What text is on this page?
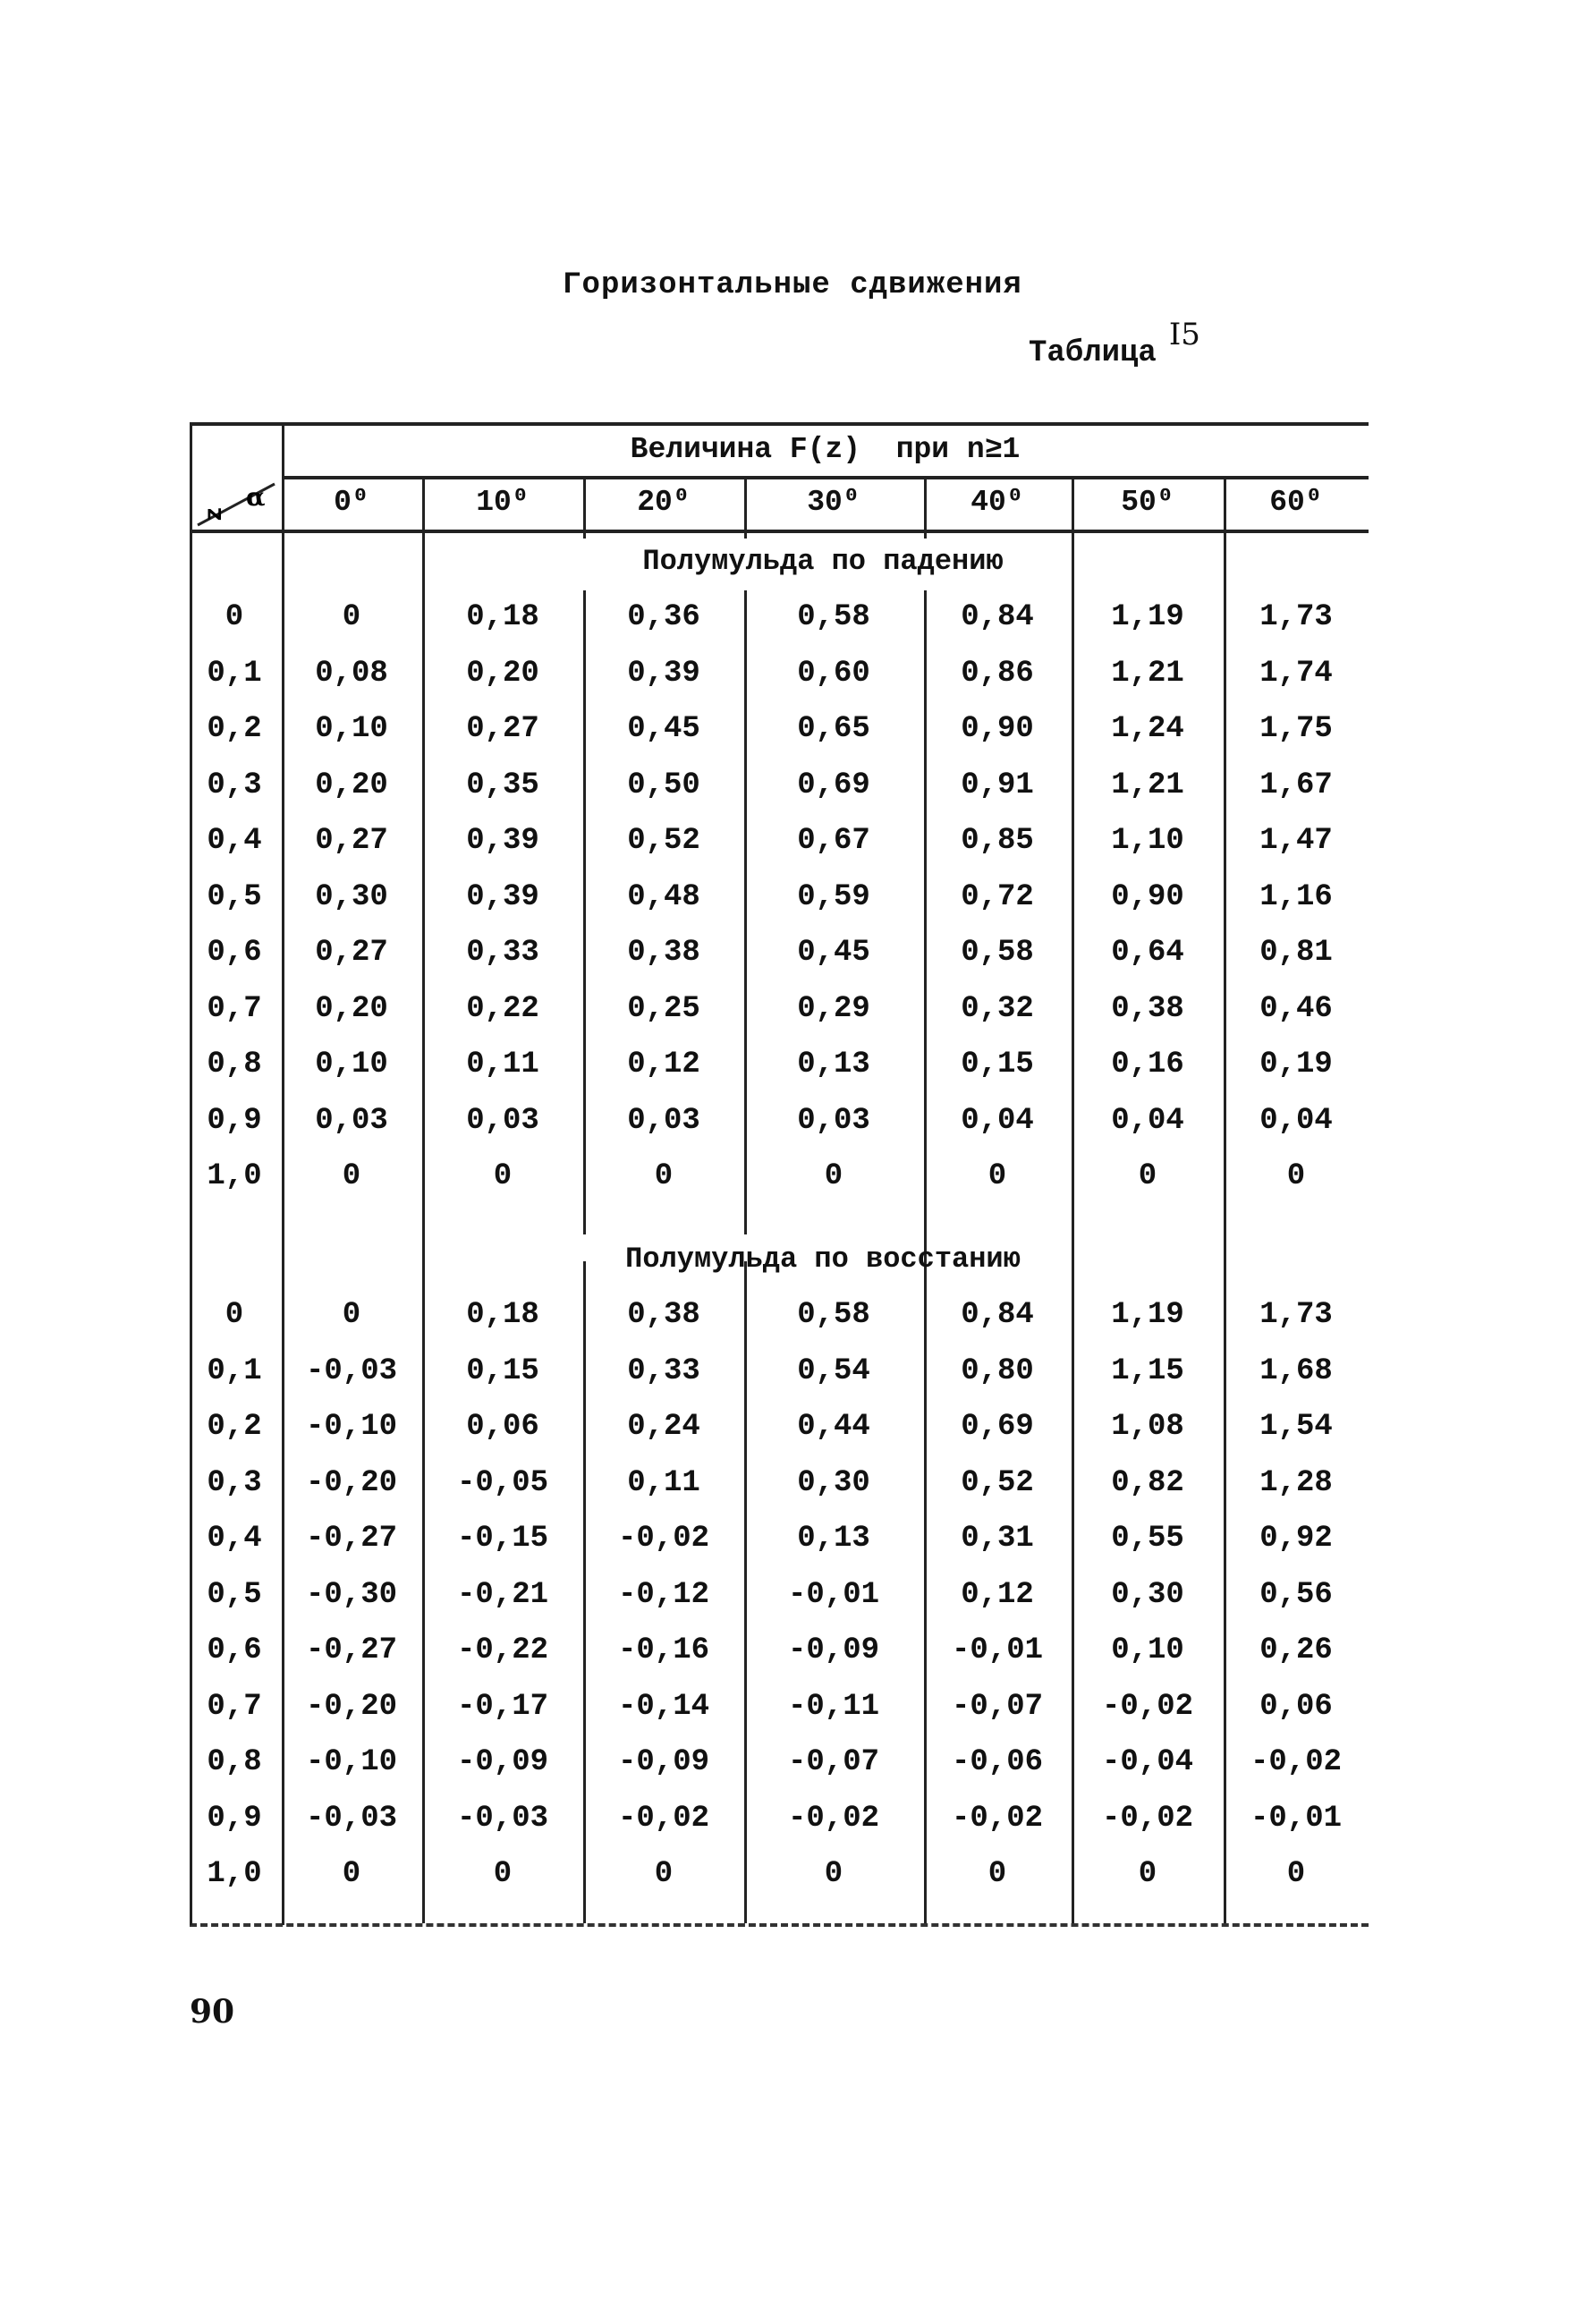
Горизонтальные сдвижения
ТаблицаI5
Величина F(z)  при n≥1
z
α	0⁰	10⁰	20⁰	30⁰	40⁰	50⁰	60⁰
Полумульда по падению
0	0	0,18	0,36	0,58	0,84	1,19	1,73
0,1	0,08	0,20	0,39	0,60	0,86	1,21	1,74
0,2	0,10	0,27	0,45	0,65	0,90	1,24	1,75
0,3	0,20	0,35	0,50	0,69	0,91	1,21	1,67
0,4	0,27	0,39	0,52	0,67	0,85	1,10	1,47
0,5	0,30	0,39	0,48	0,59	0,72	0,90	1,16
0,6	0,27	0,33	0,38	0,45	0,58	0,64	0,81
0,7	0,20	0,22	0,25	0,29	0,32	0,38	0,46
0,8	0,10	0,11	0,12	0,13	0,15	0,16	0,19
0,9	0,03	0,03	0,03	0,03	0,04	0,04	0,04
1,0	0	0	0	0	0	0	0
Полумульда по восстанию
0	0	0,18	0,38	0,58	0,84	1,19	1,73
0,1	-0,03	0,15	0,33	0,54	0,80	1,15	1,68
0,2	-0,10	0,06	0,24	0,44	0,69	1,08	1,54
0,3	-0,20	-0,05	0,11	0,30	0,52	0,82	1,28
0,4	-0,27	-0,15	-0,02	0,13	0,31	0,55	0,92
0,5	-0,30	-0,21	-0,12	-0,01	0,12	0,30	0,56
0,6	-0,27	-0,22	-0,16	-0,09	-0,01	0,10	0,26
0,7	-0,20	-0,17	-0,14	-0,11	-0,07	-0,02	0,06
0,8	-0,10	-0,09	-0,09	-0,07	-0,06	-0,04	-0,02
0,9	-0,03	-0,03	-0,02	-0,02	-0,02	-0,02	-0,01
1,0	0	0	0	0	0	0	0
90
